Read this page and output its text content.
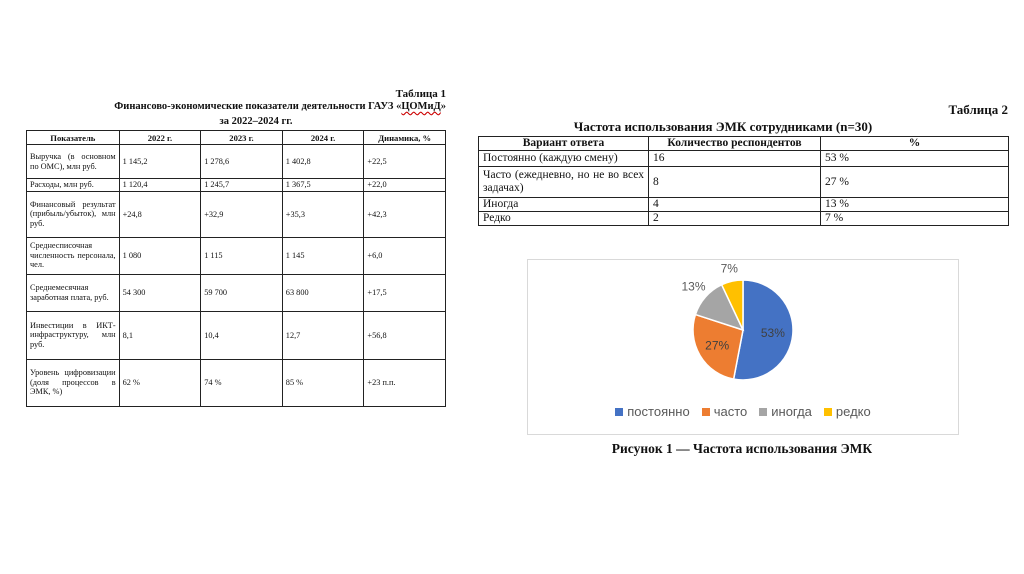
Таблица 1
Финансово-экономические показатели деятельности ГАУЗ «ЦОМиД»
за 2022–2024 гг.
Показатель	2022 г.	2023 г.	2024 г.	Динамика, %
Выручка (в основном по ОМС), млн руб.	1 145,2	1 278,6	1 402,8	+22,5
Расходы, млн руб.	1 120,4	1 245,7	1 367,5	+22,0
Финансовый результат (прибыль/убыток), млн руб.	+24,8	+32,9	+35,3	+42,3
Среднесписочная численность персонала, чел.	1 080	1 115	1 145	+6,0
Среднемесячная заработная плата, руб.	54 300	59 700	63 800	+17,5
Инвестиции в ИКТ-инфраструктуру, млн руб.	8,1	10,4	12,7	+56,8
Уровень цифровизации (доля процессов в ЭМК, %)	62 %	74 %	85 %	+23 п.п.
Таблица 2
Частота использования ЭМК сотрудниками (n=30)
Вариант ответа	Количество респондентов	%
Постоянно (каждую смену)	16	53 %
Часто (ежедневно, но не во всех задачах)	8	27 %
Иногда	4	13 %
Редко	2	7 %
53%
27%
13%
7%
постоянно часто иногда редко
Рисунок 1 — Частота использования ЭМК
